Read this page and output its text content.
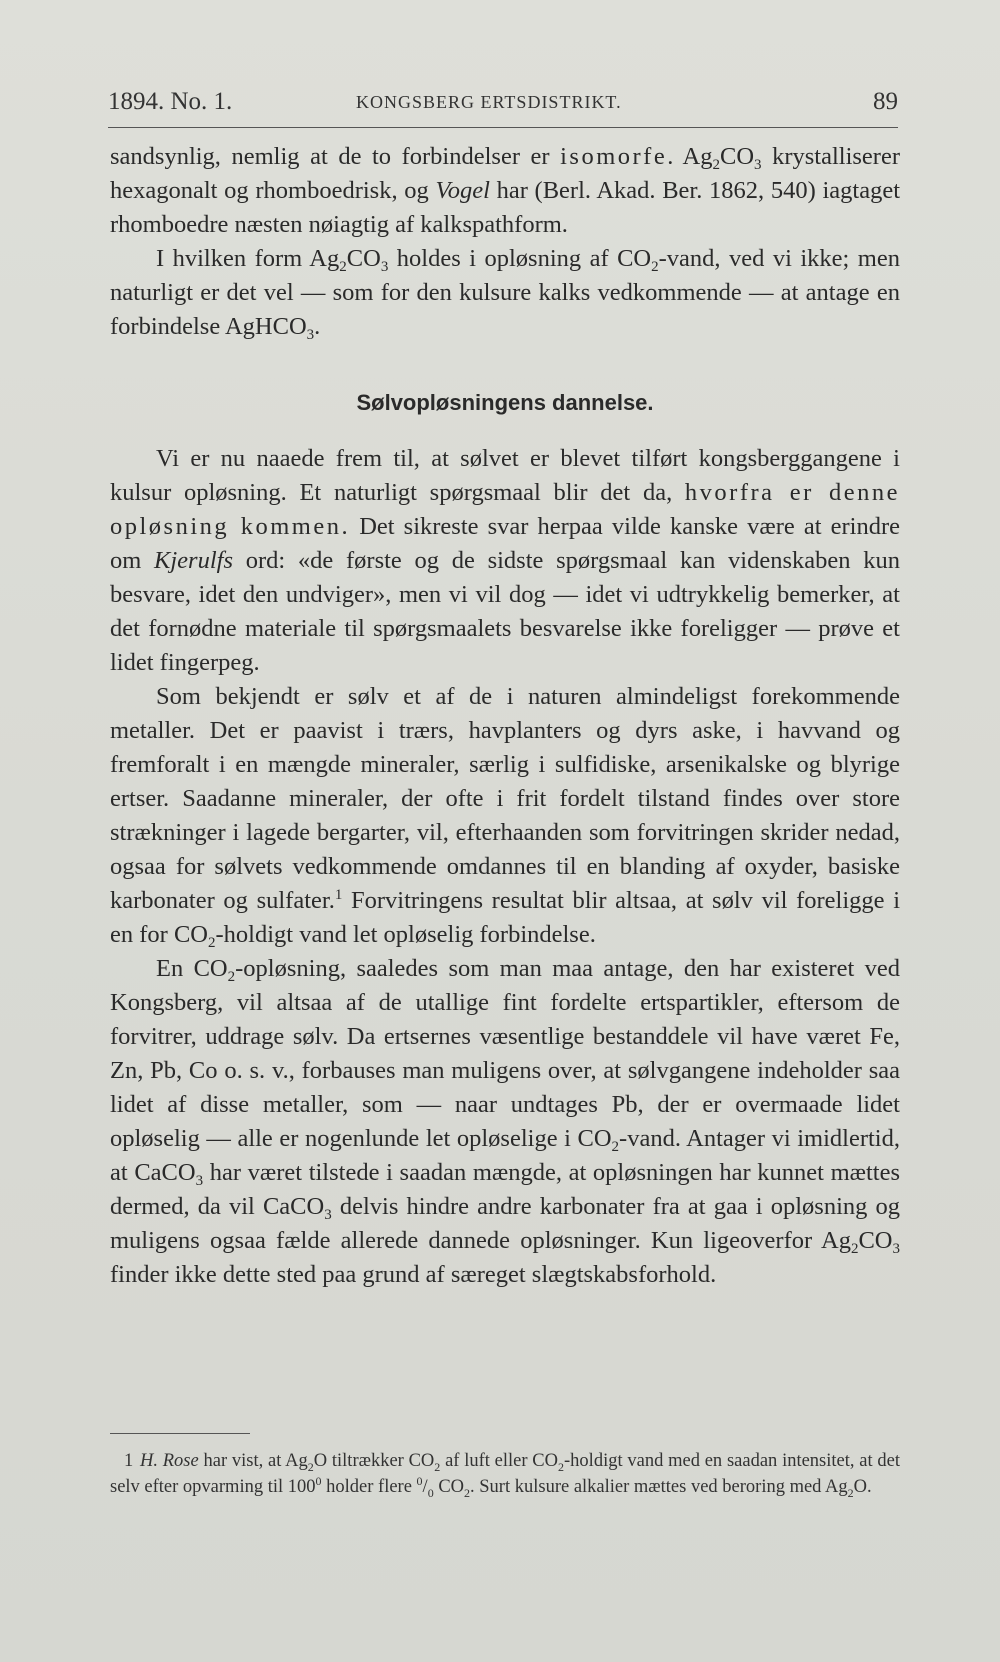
1894. No. 1.	KONGSBERG ERTSDISTRIKT.	89

sandsynlig, nemlig at de to forbindelser er isomorfe. $Ag_2CO_3$ krystalliserer hexagonalt og rhomboedrisk, og Vogel har (Berl. Akad. Ber. 1862, 540) iagtaget rhomboedre næsten nøiagtig af kalkspathform.

I hvilken form $Ag_2CO_3$ holdes i opløsning af $CO_2$-vand, ved vi ikke; men naturligt er det vel — som for den kulsure kalks vedkommende — at antage en forbindelse AgHCO$_3$.

Sølvopløsningens dannelse.

Vi er nu naaede frem til, at sølvet er blevet tilført kongsberggangene i kulsur opløsning. Et naturligt spørgsmaal blir det da, hvorfra er denne opløsning kommen. Det sikreste svar herpaa vilde kanske være at erindre om Kjerulfs ord: «de første og de sidste spørgsmaal kan videnskaben kun besvare, idet den undviger», men vi vil dog — idet vi udtrykkelig bemerker, at det fornødne materiale til spørgsmaalets besvarelse ikke foreligger — prøve et lidet fingerpeg.

Som bekjendt er sølv et af de i naturen almindeligst forekommende metaller. Det er paavist i trærs, havplanters og dyrs aske, i havvand og fremforalt i en mængde mineraler, særlig i sulfidiske, arsenikalske og blyrige ertser. Saadanne mineraler, der ofte i frit fordelt tilstand findes over store strækninger i lagede bergarter, vil, efterhaanden som forvitringen skrider nedad, ogsaa for sølvets vedkommende omdannes til en blanding af oxyder, basiske karbonater og sulfater.$^1$ Forvitringens resultat blir altsaa, at sølv vil foreligge i en for $CO_2$-holdigt vand let opløselig forbindelse.

En $CO_2$-opløsning, saaledes som man maa antage, den har existeret ved Kongsberg, vil altsaa af de utallige fint fordelte ertspartikler, eftersom de forvitrer, uddrage sølv. Da ertsernes væsentlige bestanddele vil have været Fe, Zn, Pb, Co o. s. v., forbauses man muligens over, at sølvgangene indeholder saa lidet af disse metaller, som — naar undtages Pb, der er overmaade lidet opløselig — alle er nogenlunde let opløselige i $CO_2$-vand. Antager vi imidlertid, at CaCO$_3$ har været tilstede i saadan mængde, at opløsningen har kunnet mættes dermed, da vil CaCO$_3$ delvis hindre andre karbonater fra at gaa i opløsning og muligens ogsaa fælde allerede dannede opløsninger. Kun ligeoverfor $Ag_2CO_3$ finder ikke dette sted paa grund af særeget slægtskabsforhold.

1 H. Rose har vist, at $Ag_2O$ tiltrækker $CO_2$ af luft eller $CO_2$-holdigt vand med en saadan intensitet, at det selv efter opvarming til $100^0$ holder flere $^0/_0$ $CO_2$. Surt kulsure alkalier mættes ved beroring med $Ag_2O$.
